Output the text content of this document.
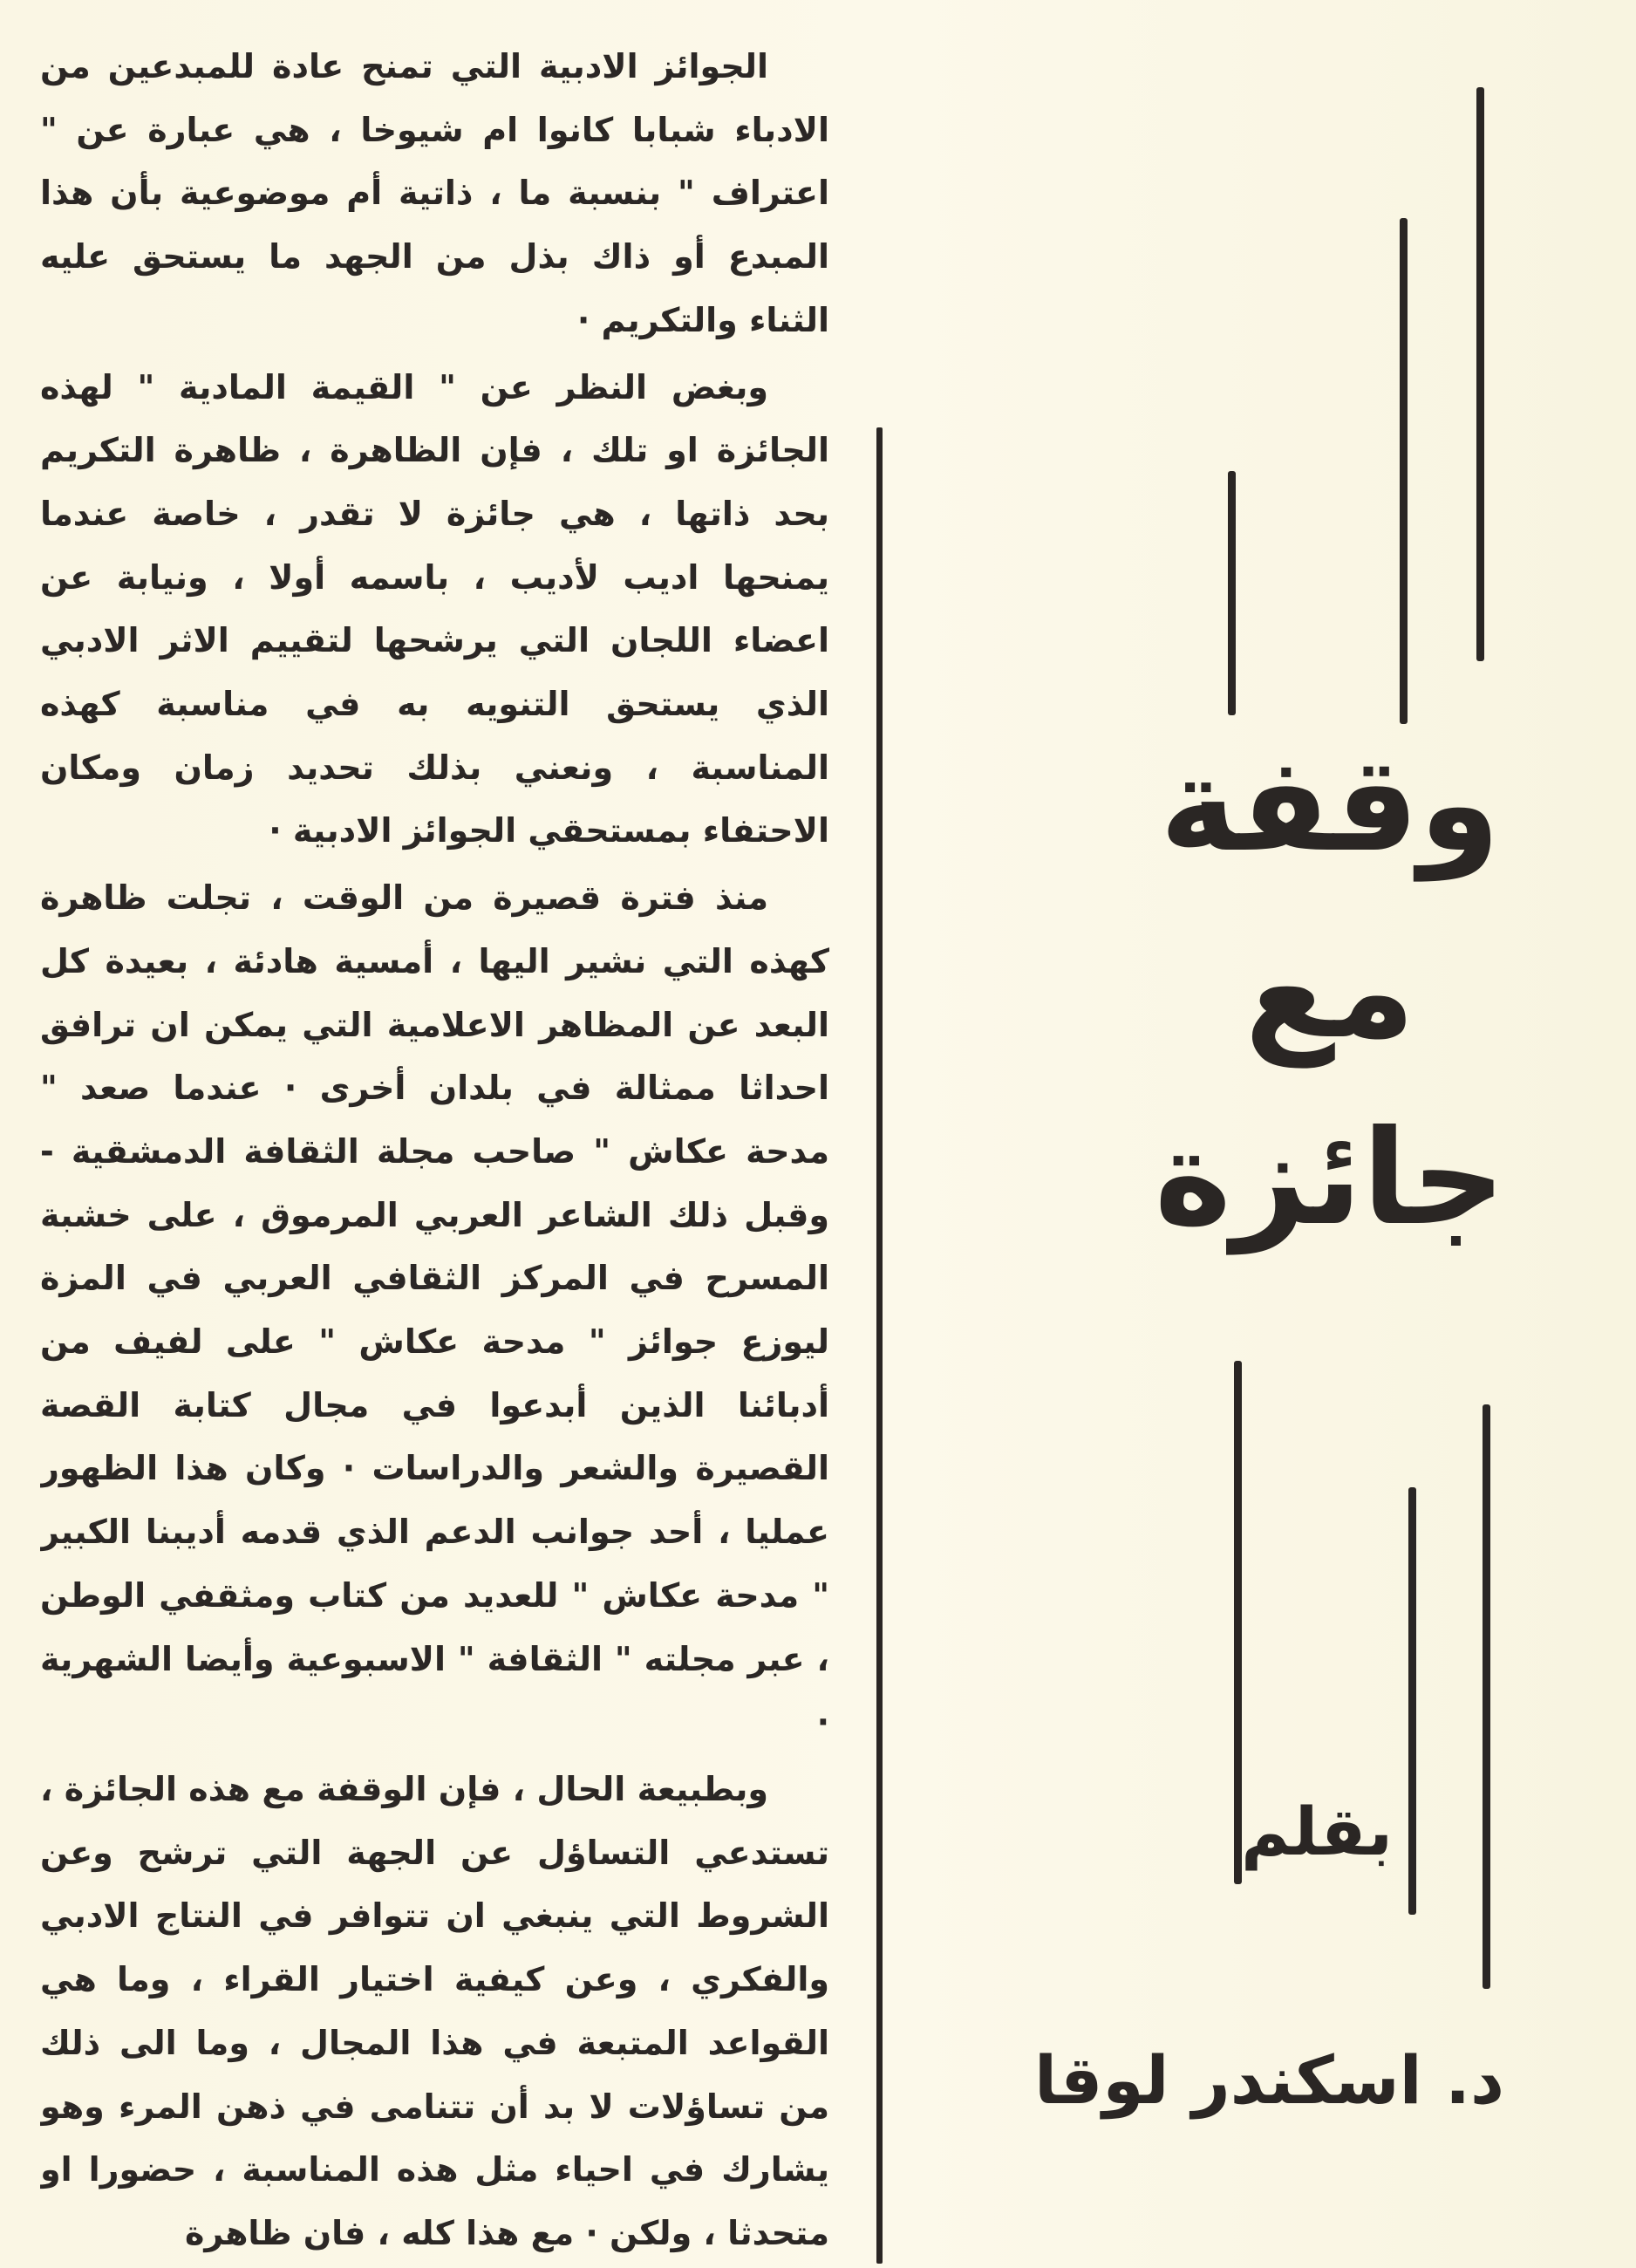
الجوائز الادبية التي تمنح عادة للمبدعين من الادباء شبابا كانوا ام شيوخا ، هي عبارة عن " اعتراف " بنسبة ما ، ذاتية أم موضوعية بأن هذا المبدع أو ذاك بذل من الجهد ما يستحق عليه الثناء والتكريم ·

وبغض النظر عن " القيمة المادية " لهذه الجائزة او تلك ، فإن الظاهرة ، ظاهرة التكريم بحد ذاتها ، هي جائزة لا تقدر ، خاصة عندما يمنحها اديب لأديب ، باسمه أولا ، ونيابة عن اعضاء اللجان التي يرشحها لتقييم الاثر الادبي الذي يستحق التنويه به في مناسبة كهذه المناسبة ، ونعني بذلك تحديد زمان ومكان الاحتفاء بمستحقي الجوائز الادبية ·

منذ فترة قصيرة من الوقت ، تجلت ظاهرة كهذه التي نشير اليها ، أمسية هادئة ، بعيدة كل البعد عن المظاهر الاعلامية التي يمكن ان ترافق احداثا ممثالة في بلدان أخرى · عندما صعد " مدحة عكاش " صاحب مجلة الثقافة الدمشقية - وقبل ذلك الشاعر العربي المرموق ، على خشبة المسرح في المركز الثقافي العربي في المزة ليوزع جوائز " مدحة عكاش " على لفيف من أدبائنا الذين أبدعوا في مجال كتابة القصة القصيرة والشعر والدراسات · وكان هذا الظهور عمليا ، أحد جوانب الدعم الذي قدمه أديبنا الكبير " مدحة عكاش " للعديد من كتاب ومثقفي الوطن ، عبر مجلته " الثقافة " الاسبوعية وأيضا الشهرية ·

وبطبيعة الحال ، فإن الوقفة مع هذه الجائزة ، تستدعي التساؤل عن الجهة التي ترشح وعن الشروط التي ينبغي ان تتوافر في النتاج الادبي والفكري ، وعن كيفية اختيار القراء ، وما هي القواعد المتبعة في هذا المجال ، وما الى ذلك من تساؤلات لا بد أن تتنامى في ذهن المرء وهو يشارك في احياء مثل هذه المناسبة ، حضورا او متحدثا ، ولكن · مع هذا كله ، فان ظاهرة

وقفة
مع
جائزة
بقلم
د. اسكندر لوقا
